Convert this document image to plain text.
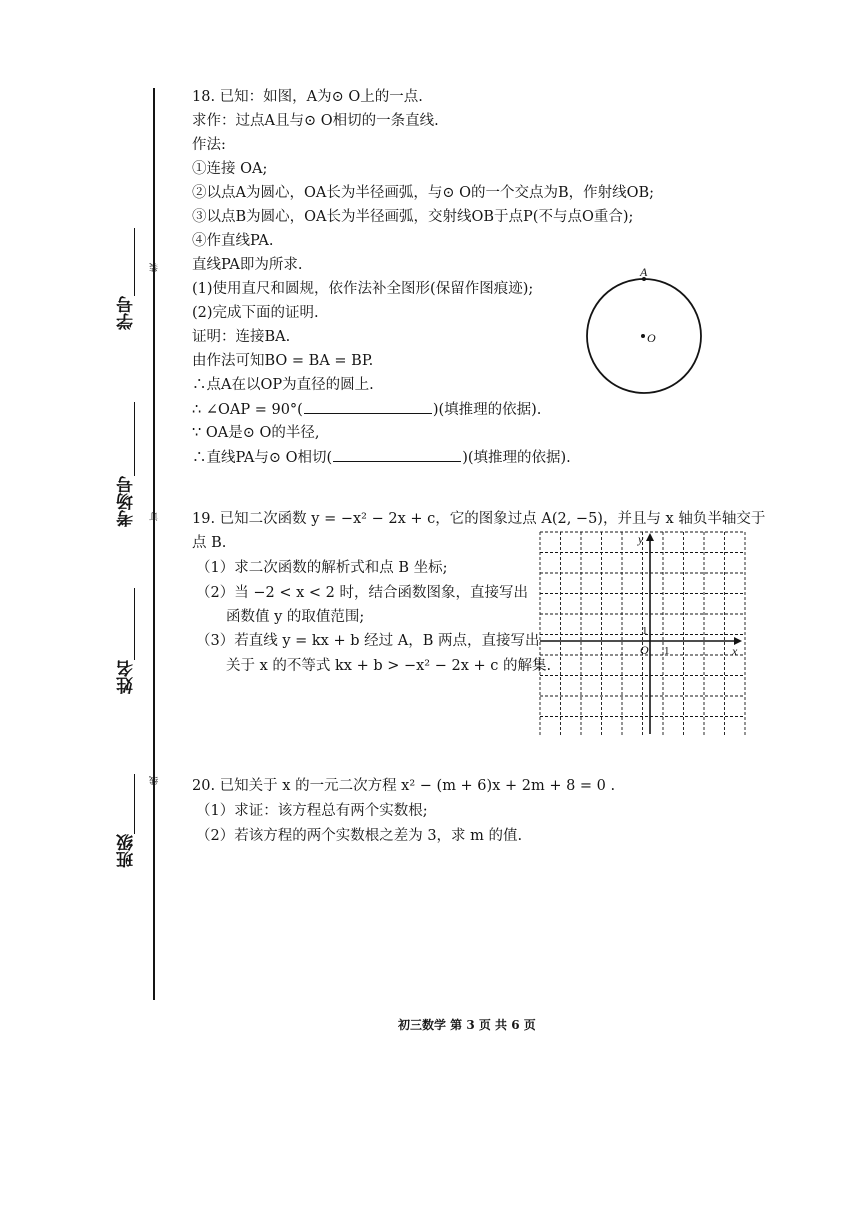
装
订
线
学号
考场号
姓名
班级
18. 已知：如图，A为⊙ O上的一点.
求作：过点A且与⊙ O相切的一条直线.
作法:
①连接 OA;
②以点A为圆心，OA长为半径画弧，与⊙ O的一个交点为B，作射线OB;
③以点B为圆心，OA长为半径画弧，交射线OB于点P(不与点O重合);
④作直线PA.
直线PA即为所求.
(1)使用直尺和圆规，依作法补全图形(保留作图痕迹);
(2)完成下面的证明.
证明：连接BA.
由作法可知BO = BA = BP.
∴点A在以OP为直径的圆上.
∴ ∠OAP = 90°(	)(填推理的依据).
∵ OA是⊙ O的半径,
∴直线PA与⊙ O相切(	)(填推理的依据).
A
O
19. 已知二次函数 y = −x² − 2x + c，它的图象过点 A(2, −5)，并且与 x 轴负半轴交于
点 B.
（1）求二次函数的解析式和点 B 坐标;
（2）当 −2 < x < 2 时，结合函数图象，直接写出
函数值 y 的取值范围;
（3）若直线 y = kx + b 经过 A，B 两点，直接写出
关于 x 的不等式 kx + b > −x² − 2x + c 的解集.
y
x
O 1
1
20. 已知关于 x 的一元二次方程 x² − (m + 6)x + 2m + 8 = 0 .
（1）求证：该方程总有两个实数根;
（2）若该方程的两个实数根之差为 3，求 m 的值.
初三数学 第 3 页 共 6 页
